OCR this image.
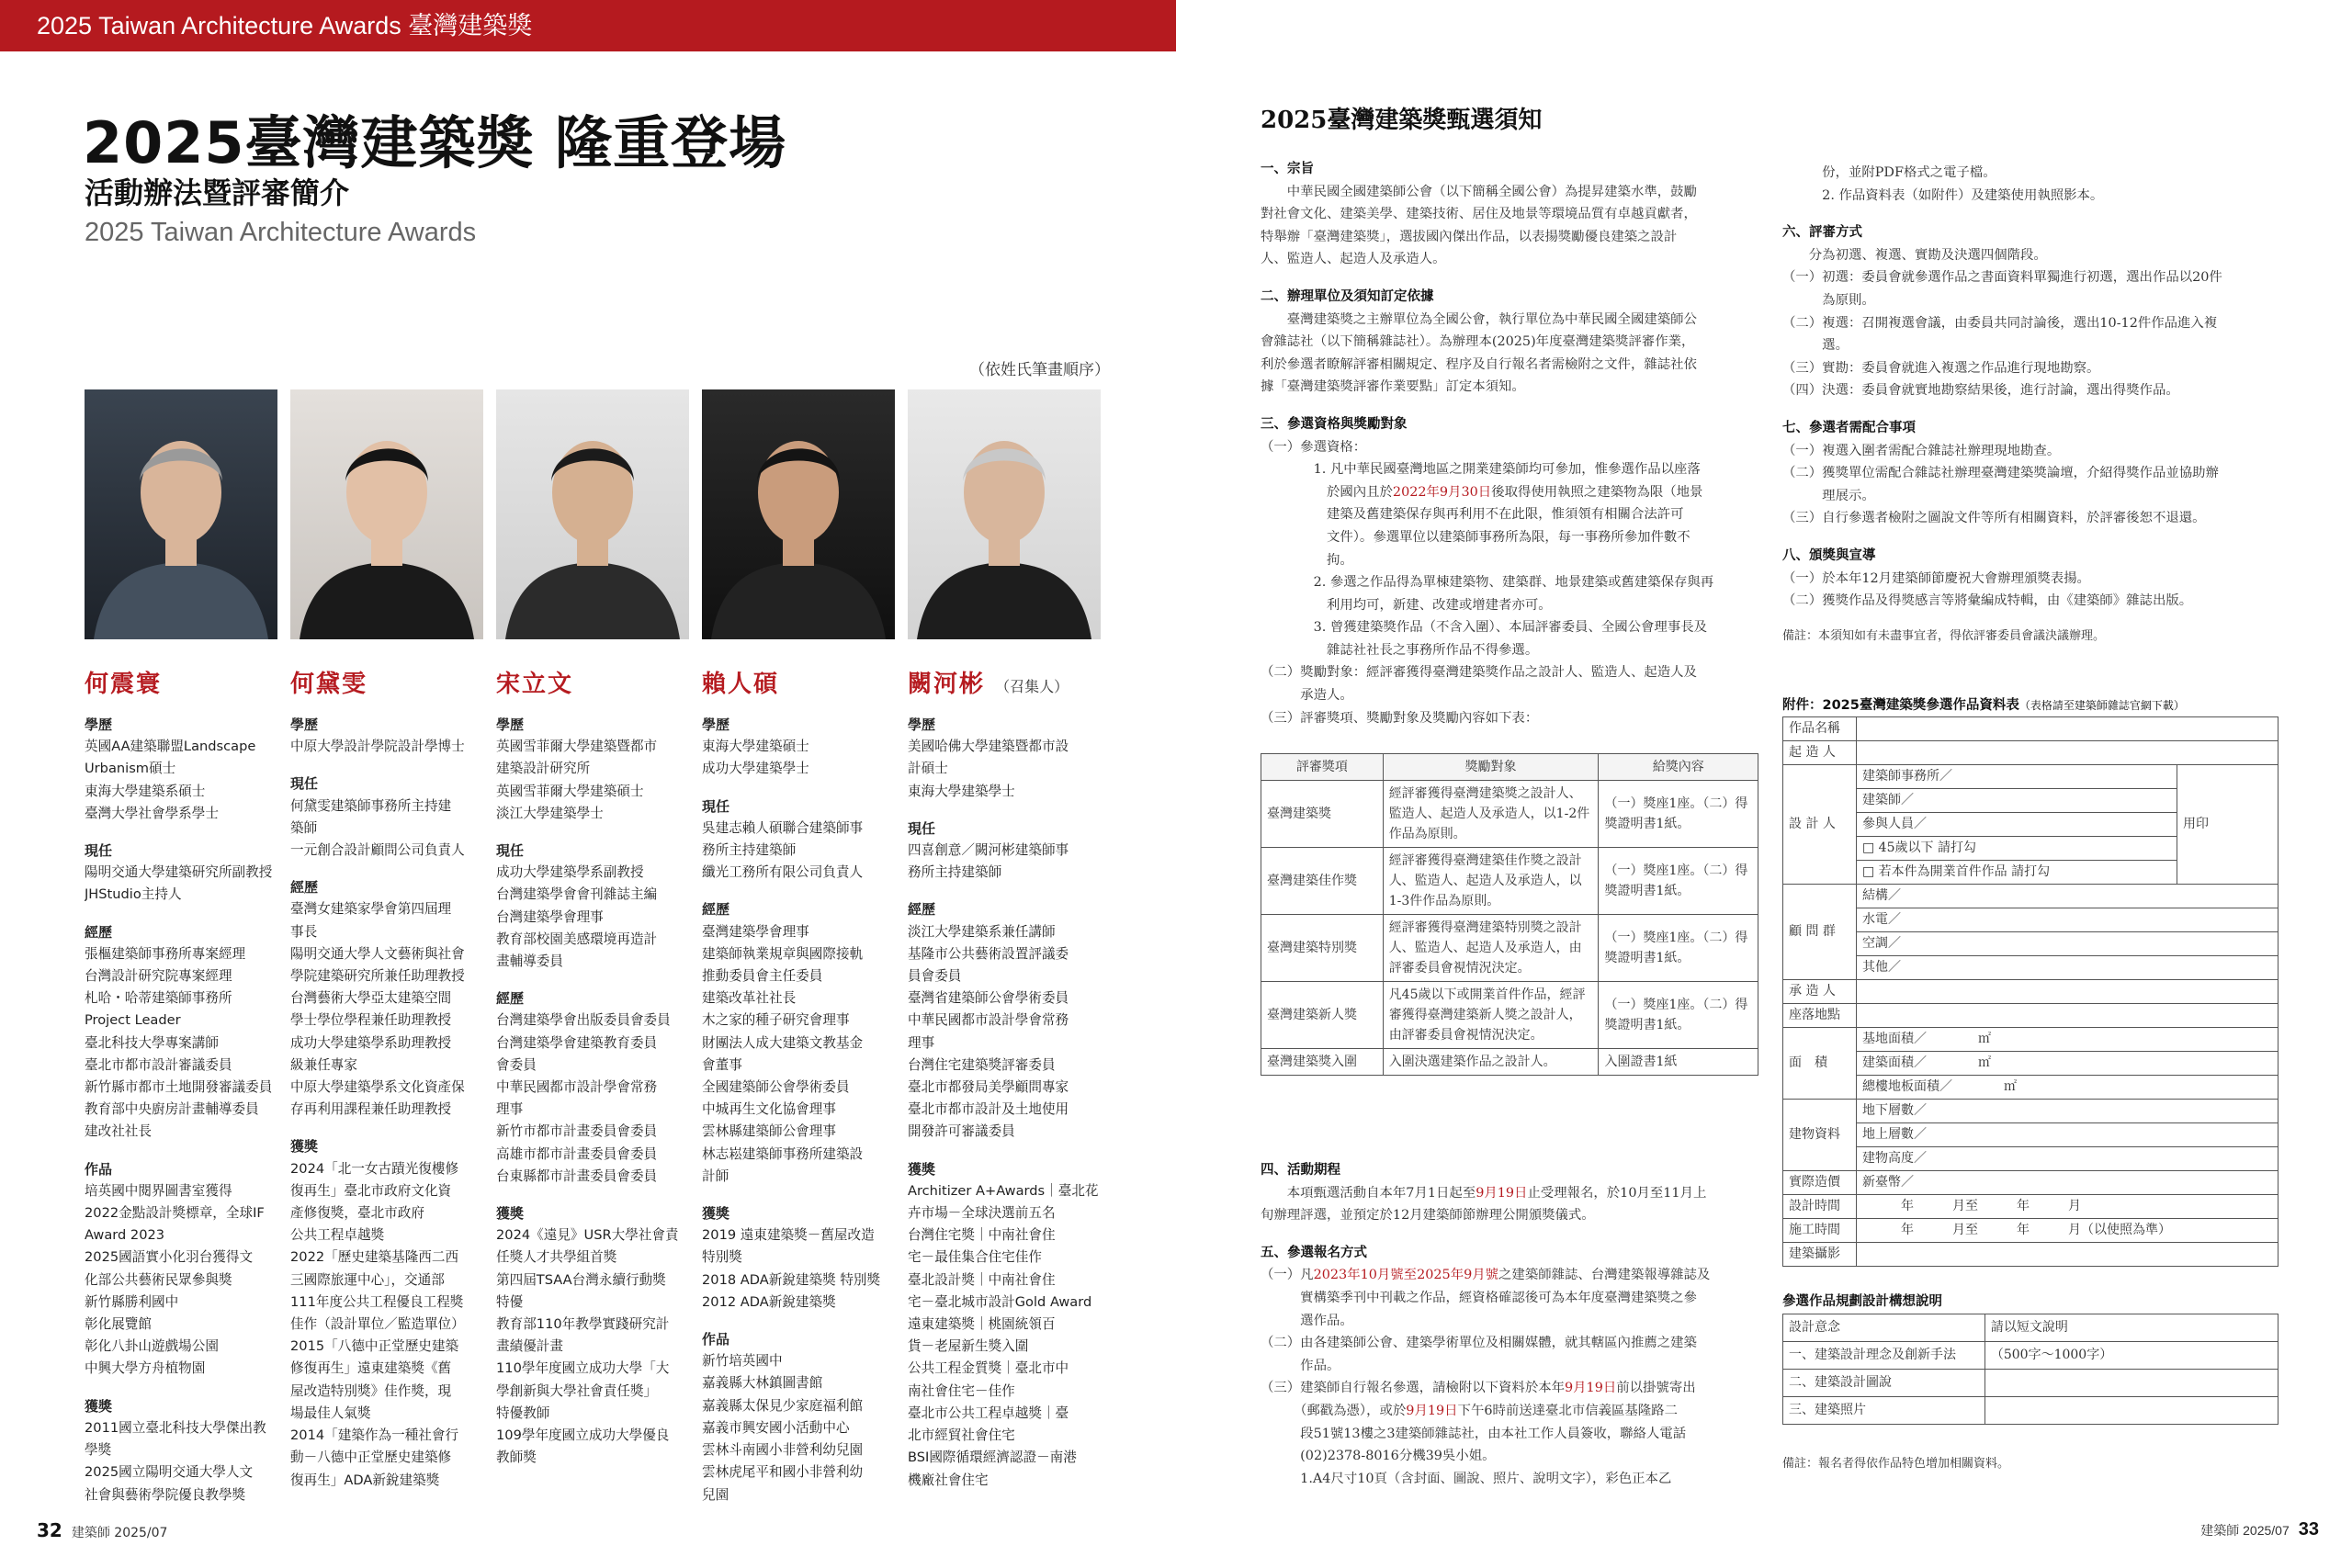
2025 Taiwan Architecture Awards 臺灣建築獎
2025臺灣建築獎 隆重登場
活動辦法暨評審簡介
2025 Taiwan Architecture Awards
（依姓氏筆畫順序）
何震寰
學歷
英國AA建築聯盟Landscape
Urbanism碩士
東海大學建築系碩士
臺灣大學社會學系學士
現任
陽明交通大學建築研究所副教授
JHStudio主持人
經歷
張樞建築師事務所專案經理
台灣設計研究院專案經理
札哈・哈蒂建築師事務所
Project Leader
臺北科技大學專案講師
臺北市都市設計審議委員
新竹縣市都市土地開發審議委員
教育部中央廚房計畫輔導委員
建改社社長
作品
培英國中閱界圖書室獲得
2022金點設計獎標章，全球IF
Award 2023
2025國語實小化羽台獲得文
化部公共藝術民眾參與獎
新竹縣勝利國中
彰化展覽館
彰化八卦山遊戲場公園
中興大學方舟植物園
獲獎
2011國立臺北科技大學傑出教
學獎
2025國立陽明交通大學人文
社會與藝術學院優良教學獎
何黛雯
學歷
中原大學設計學院設計學博士
現任
何黛雯建築師事務所主持建
築師
一元創合設計顧問公司負責人
經歷
臺灣女建築家學會第四屆理
事長
陽明交通大學人文藝術與社會
學院建築研究所兼任助理教授
台灣藝術大學亞太建築空間
學士學位學程兼任助理教授
成功大學建築學系助理教授
級兼任專家
中原大學建築學系文化資產保
存再利用課程兼任助理教授
獲獎
2024「北一女古蹟光復樓修
復再生」臺北市政府文化資
產修復獎，臺北市政府
公共工程卓越獎
2022「歷史建築基隆西二西
三國際旅運中心」，交通部
111年度公共工程優良工程獎
佳作（設計單位／監造單位）
2015「八德中正堂歷史建築
修復再生」遠東建築獎《舊
屋改造特別獎》佳作獎，現
場最佳人氣獎
2014「建築作為一種社會行
動－八德中正堂歷史建築修
復再生」ADA新銳建築獎
宋立文
學歷
英國雪菲爾大學建築暨都市
建築設計研究所
英國雪菲爾大學建築碩士
淡江大學建築學士
現任
成功大學建築學系副教授
台灣建築學會會刊雜誌主編
台灣建築學會理事
教育部校園美感環境再造計
畫輔導委員
經歷
台灣建築學會出版委員會委員
台灣建築學會建築教育委員
會委員
中華民國都市設計學會常務
理事
新竹市都市計畫委員會委員
高雄市都市計畫委員會委員
台東縣都市計畫委員會委員
獲獎
2024《遠見》USR大學社會責
任獎人才共學組首獎
第四屆TSAA台灣永續行動獎
特優
教育部110年教學實踐研究計
畫績優計畫
110學年度國立成功大學「大
學創新與大學社會責任獎」
特優教師
109學年度國立成功大學優良
教師獎
賴人碩
學歷
東海大學建築碩士
成功大學建築學士
現任
吳建志賴人碩聯合建築師事
務所主持建築師
纖光工務所有限公司負責人
經歷
臺灣建築學會理事
建築師執業規章與國際接軌
推動委員會主任委員
建築改革社社長
木之家的種子研究會理事
財團法人成大建築文教基金
會董事
全國建築師公會學術委員
中城再生文化協會理事
雲林縣建築師公會理事
林志崧建築師事務所建築設
計師
獲獎
2019 遠東建築獎－舊屋改造
特別獎
2018 ADA新銳建築獎 特別獎
2012 ADA新銳建築獎
作品
新竹培英國中
嘉義縣大林鎮圖書館
嘉義縣太保見少家庭福利館
嘉義市興安國小活動中心
雲林斗南國小非營利幼兒園
雲林虎尾平和國小非營利幼
兒園
闕河彬 （召集人）
學歷
美國哈佛大學建築暨都市設
計碩士
東海大學建築學士
現任
四喜創意／闕河彬建築師事
務所主持建築師
經歷
淡江大學建築系兼任講師
基隆市公共藝術設置評議委
員會委員
臺灣省建築師公會學術委員
中華民國都市設計學會常務
理事
台灣住宅建築獎評審委員
臺北市都發局美學顧問專家
臺北市都市設計及土地使用
開發許可審議委員
獲獎
Architizer A+Awards｜臺北花
卉市場－全球決選前五名
台灣住宅獎｜中南社會住
宅－最佳集合住宅佳作
臺北設計獎｜中南社會住
宅－臺北城市設計Gold Award
遠東建築獎｜桃園統領百
貨－老屋新生獎入圍
公共工程金質獎｜臺北市中
南社會住宅－佳作
臺北市公共工程卓越獎｜臺
北市經貿社會住宅
BSI國際循環經濟認證－南港
機廠社會住宅
32 建築師 2025/07
2025臺灣建築獎甄選須知
一、宗旨
　　中華民國全國建築師公會（以下簡稱全國公會）為提昇建築水準，鼓勵
對社會文化、建築美學、建築技術、居住及地景等環境品質有卓越貢獻者，
特舉辦「臺灣建築獎」，選拔國內傑出作品，以表揚獎勵優良建築之設計
人、監造人、起造人及承造人。
二、辦理單位及須知訂定依據
　　臺灣建築獎之主辦單位為全國公會，執行單位為中華民國全國建築師公
會雜誌社（以下簡稱雜誌社）。為辦理本(2025)年度臺灣建築獎評審作業，
利於參選者瞭解評審相關規定、程序及自行報名者需檢附之文件，雜誌社依
據「臺灣建築獎評審作業要點」訂定本須知。
三、參選資格與獎勵對象
（一）參選資格：
　　　　1. 凡中華民國臺灣地區之開業建築師均可參加，惟參選作品以座落
　　　　　於國內且於2022年9月30日後取得使用執照之建築物為限（地景
　　　　　建築及舊建築保存與再利用不在此限，惟須領有相關合法許可
　　　　　文件）。參選單位以建築師事務所為限，每一事務所參加件數不
　　　　　拘。
　　　　2. 參選之作品得為單棟建築物、建築群、地景建築或舊建築保存與再
　　　　　利用均可，新建、改建或增建者亦可。
　　　　3. 曾獲建築獎作品（不含入圍）、本屆評審委員、全國公會理事長及
　　　　　雜誌社社長之事務所作品不得參選。
（二）獎勵對象：經評審獲得臺灣建築獎作品之設計人、監造人、起造人及
　　　承造人。
（三）評審獎項、獎勵對象及獎勵內容如下表：
評審獎項	獎勵對象	給獎內容
臺灣建築獎	經評審獲得臺灣建築獎之設計人、監造人、起造人及承造人，以1-2件作品為原則。	（一）獎座1座。（二）得獎證明書1紙。
臺灣建築佳作獎	經評審獲得臺灣建築佳作獎之設計人、監造人、起造人及承造人，以1-3件作品為原則。	（一）獎座1座。（二）得獎證明書1紙。
臺灣建築特別獎	經評審獲得臺灣建築特別獎之設計人、監造人、起造人及承造人，由評審委員會視情況決定。	（一）獎座1座。（二）得獎證明書1紙。
臺灣建築新人獎	凡45歲以下或開業首件作品，經評審獲得臺灣建築新人獎之設計人，由評審委員會視情況決定。	（一）獎座1座。（二）得獎證明書1紙。
臺灣建築獎入圍	入圍決選建築作品之設計人。	入圍證書1紙
四、活動期程
　　本項甄選活動自本年7月1日起至9月19日止受理報名，於10月至11月上
旬辦理評選，並預定於12月建築師節辦理公開頒獎儀式。
五、參選報名方式
（一）凡2023年10月號至2025年9月號之建築師雜誌、台灣建築報導雜誌及
　　　實構築季刊中刊載之作品，經資格確認後可為本年度臺灣建築獎之參
　　　選作品。
（二）由各建築師公會、建築學術單位及相關媒體，就其轄區內推薦之建築
　　　作品。
（三）建築師自行報名參選，請檢附以下資料於本年9月19日前以掛號寄出
　　　（郵戳為憑），或於9月19日下午6時前送達臺北市信義區基隆路二
　　　段51號13樓之3建築師雜誌社，由本社工作人員簽收，聯絡人電話
　　　(02)2378-8016分機39吳小姐。
　　　1.A4尺寸10頁（含封面、圖說、照片、說明文字），彩色正本乙
　　　份，並附PDF格式之電子檔。
　　　2. 作品資料表（如附件）及建築使用執照影本。
六、評審方式
　　分為初選、複選、實勘及決選四個階段。
（一）初選：委員會就參選作品之書面資料單獨進行初選，選出作品以20件
　　　為原則。
（二）複選：召開複選會議，由委員共同討論後，選出10-12件作品進入複
　　　選。
（三）實勘：委員會就進入複選之作品進行現地勘察。
（四）決選：委員會就實地勘察結果後，進行討論，選出得獎作品。
七、參選者需配合事項
（一）複選入圍者需配合雜誌社辦理現地勘查。
（二）獲獎單位需配合雜誌社辦理臺灣建築獎論壇，介紹得獎作品並協助辦
　　　理展示。
（三）自行參選者檢附之圖說文件等所有相關資料，於評審後恕不退還。
八、頒獎與宣導
（一）於本年12月建築師節慶祝大會辦理頒獎表揚。
（二）獲獎作品及得獎感言等將彙編成特輯，由《建築師》雜誌出版。
備註：本須知如有未盡事宜者，得依評審委員會議決議辦理。
附件：2025臺灣建築獎參選作品資料表（表格請至建築師雜誌官網下載）
作品名稱		
起 造 人		
設 計 人	建築師事務所／	用印
	建築師／	
	參與人員／	
	□ 45歲以下 請打勾	
	□ 若本件為開業首件作品 請打勾	
顧 問 群	結構／	
	水電／	
	空調／	
	其他／	
承 造 人		
座落地點		
面　積	基地面積／　　　　㎡	
	建築面積／　　　　㎡	
	總樓地板面積／　　　　㎡	
建物資料	地下層數／	
	地上層數／	
	建物高度／	
實際造價	新臺幣／	
設計時間	　　　年　　　月至　　　年　　　月	
施工時間	　　　年　　　月至　　　年　　　月（以使照為準）	
建築攝影		
參選作品規劃設計構想說明
設計意念	請以短文說明
一、建築設計理念及創新手法	（500字～1000字）
二、建築設計圖說	
三、建築照片	
備註：報名者得依作品特色增加相關資料。
建築師 2025/07 33
